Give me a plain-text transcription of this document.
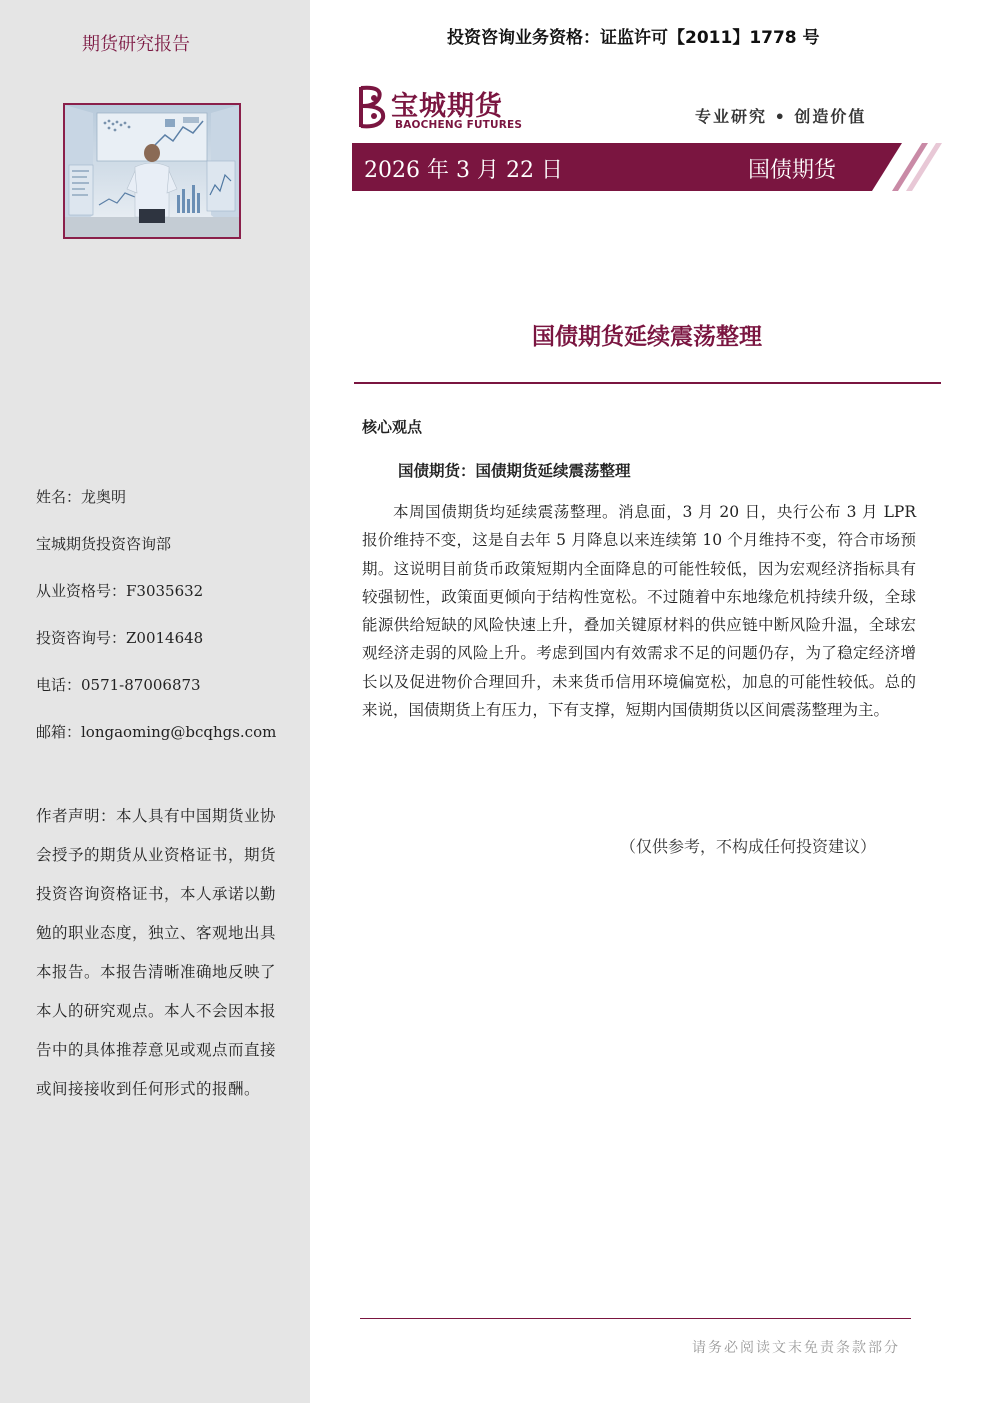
期货研究报告
姓名：龙奥明
宝城期货投资咨询部
从业资格号：F3035632
投资咨询号：Z0014648
电话：0571-87006873
邮箱：longaoming@bcqhgs.com
作者声明：本人具有中国期货业协会授予的期货从业资格证书，期货投资咨询资格证书，本人承诺以勤勉的职业态度，独立、客观地出具本报告。本报告清晰准确地反映了本人的研究观点。本人不会因本报告中的具体推荐意见或观点而直接或间接接收到任何形式的报酬。
投资咨询业务资格：证监许可【2011】1778 号
宝城期货
BAOCHENG FUTURES	专业研究 • 创造价值
2026 年 3 月 22 日	国债期货
国债期货延续震荡整理
核心观点
国债期货：国债期货延续震荡整理
本周国债期货均延续震荡整理。消息面，3 月 20 日，央行公布 3 月 LPR 报价维持不变，这是自去年 5 月降息以来连续第 10 个月维持不变，符合市场预期。这说明目前货币政策短期内全面降息的可能性较低，因为宏观经济指标具有较强韧性，政策面更倾向于结构性宽松。不过随着中东地缘危机持续升级，全球能源供给短缺的风险快速上升，叠加关键原材料的供应链中断风险升温，全球宏观经济走弱的风险上升。考虑到国内有效需求不足的问题仍存，为了稳定经济增长以及促进物价合理回升，未来货币信用环境偏宽松，加息的可能性较低。总的来说，国债期货上有压力，下有支撑，短期内国债期货以区间震荡整理为主。
（仅供参考，不构成任何投资建议）
请务必阅读文末免责条款部分
